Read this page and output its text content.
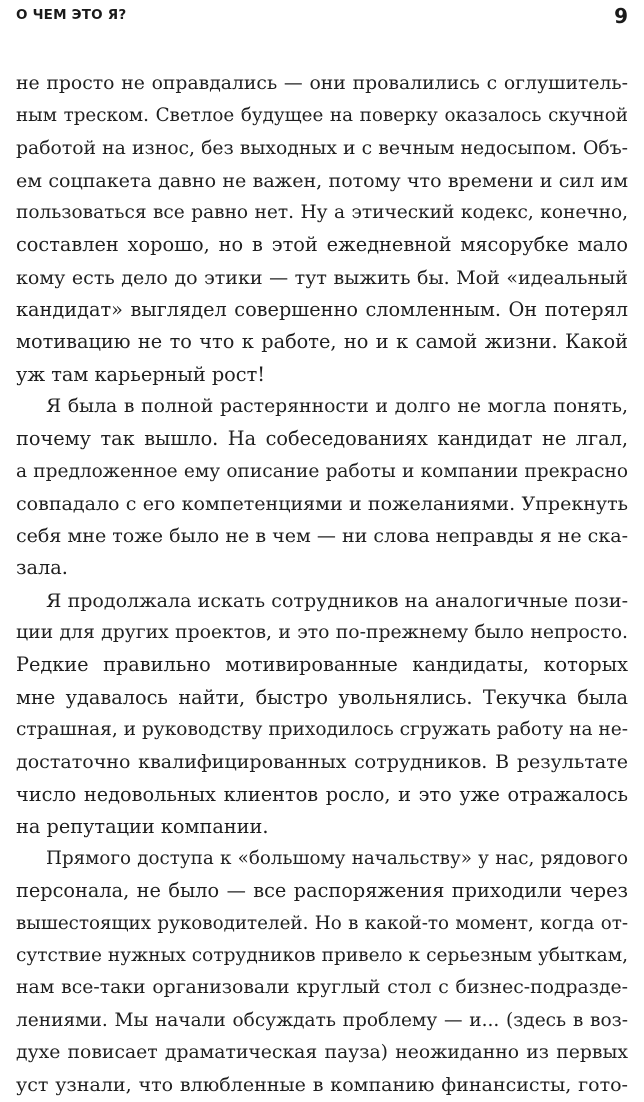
О ЧЕМ ЭТО Я?	9
не просто не оправдались — они провалились с оглушитель-
ным треском. Светлое будущее на поверку оказалось скучной
работой на износ, без выходных и с вечным недосыпом. Объ-
ем соцпакета давно не важен, потому что времени и сил им
пользоваться все равно нет. Ну а этический кодекс, конечно,
составлен хорошо, но в этой ежедневной мясорубке мало
кому есть дело до этики — тут выжить бы. Мой «идеальный
кандидат» выглядел совершенно сломленным. Он потерял
мотивацию не то что к работе, но и к самой жизни. Какой
уж там карьерный рост!
Я была в полной растерянности и долго не могла понять,
почему так вышло. На собеседованиях кандидат не лгал,
а предложенное ему описание работы и компании прекрасно
совпадало с его компетенциями и пожеланиями. Упрекнуть
себя мне тоже было не в чем — ни слова неправды я не ска-
зала.
Я продолжала искать сотрудников на аналогичные пози-
ции для других проектов, и это по-прежнему было непросто.
Редкие правильно мотивированные кандидаты, которых
мне удавалось найти, быстро увольнялись. Текучка была
страшная, и руководству приходилось сгружать работу на не-
достаточно квалифицированных сотрудников. В результате
число недовольных клиентов росло, и это уже отражалось
на репутации компании.
Прямого доступа к «большому начальству» у нас, рядового
персонала, не было — все распоряжения приходили через
вышестоящих руководителей. Но в какой-то момент, когда от-
сутствие нужных сотрудников привело к серьезным убыткам,
нам все-таки организовали круглый стол с бизнес-подразде-
лениями. Мы начали обсуждать проблему — и... (здесь в воз-
духе повисает драматическая пауза) неожиданно из первых
уст узнали, что влюбленные в компанию финансисты, гото-
